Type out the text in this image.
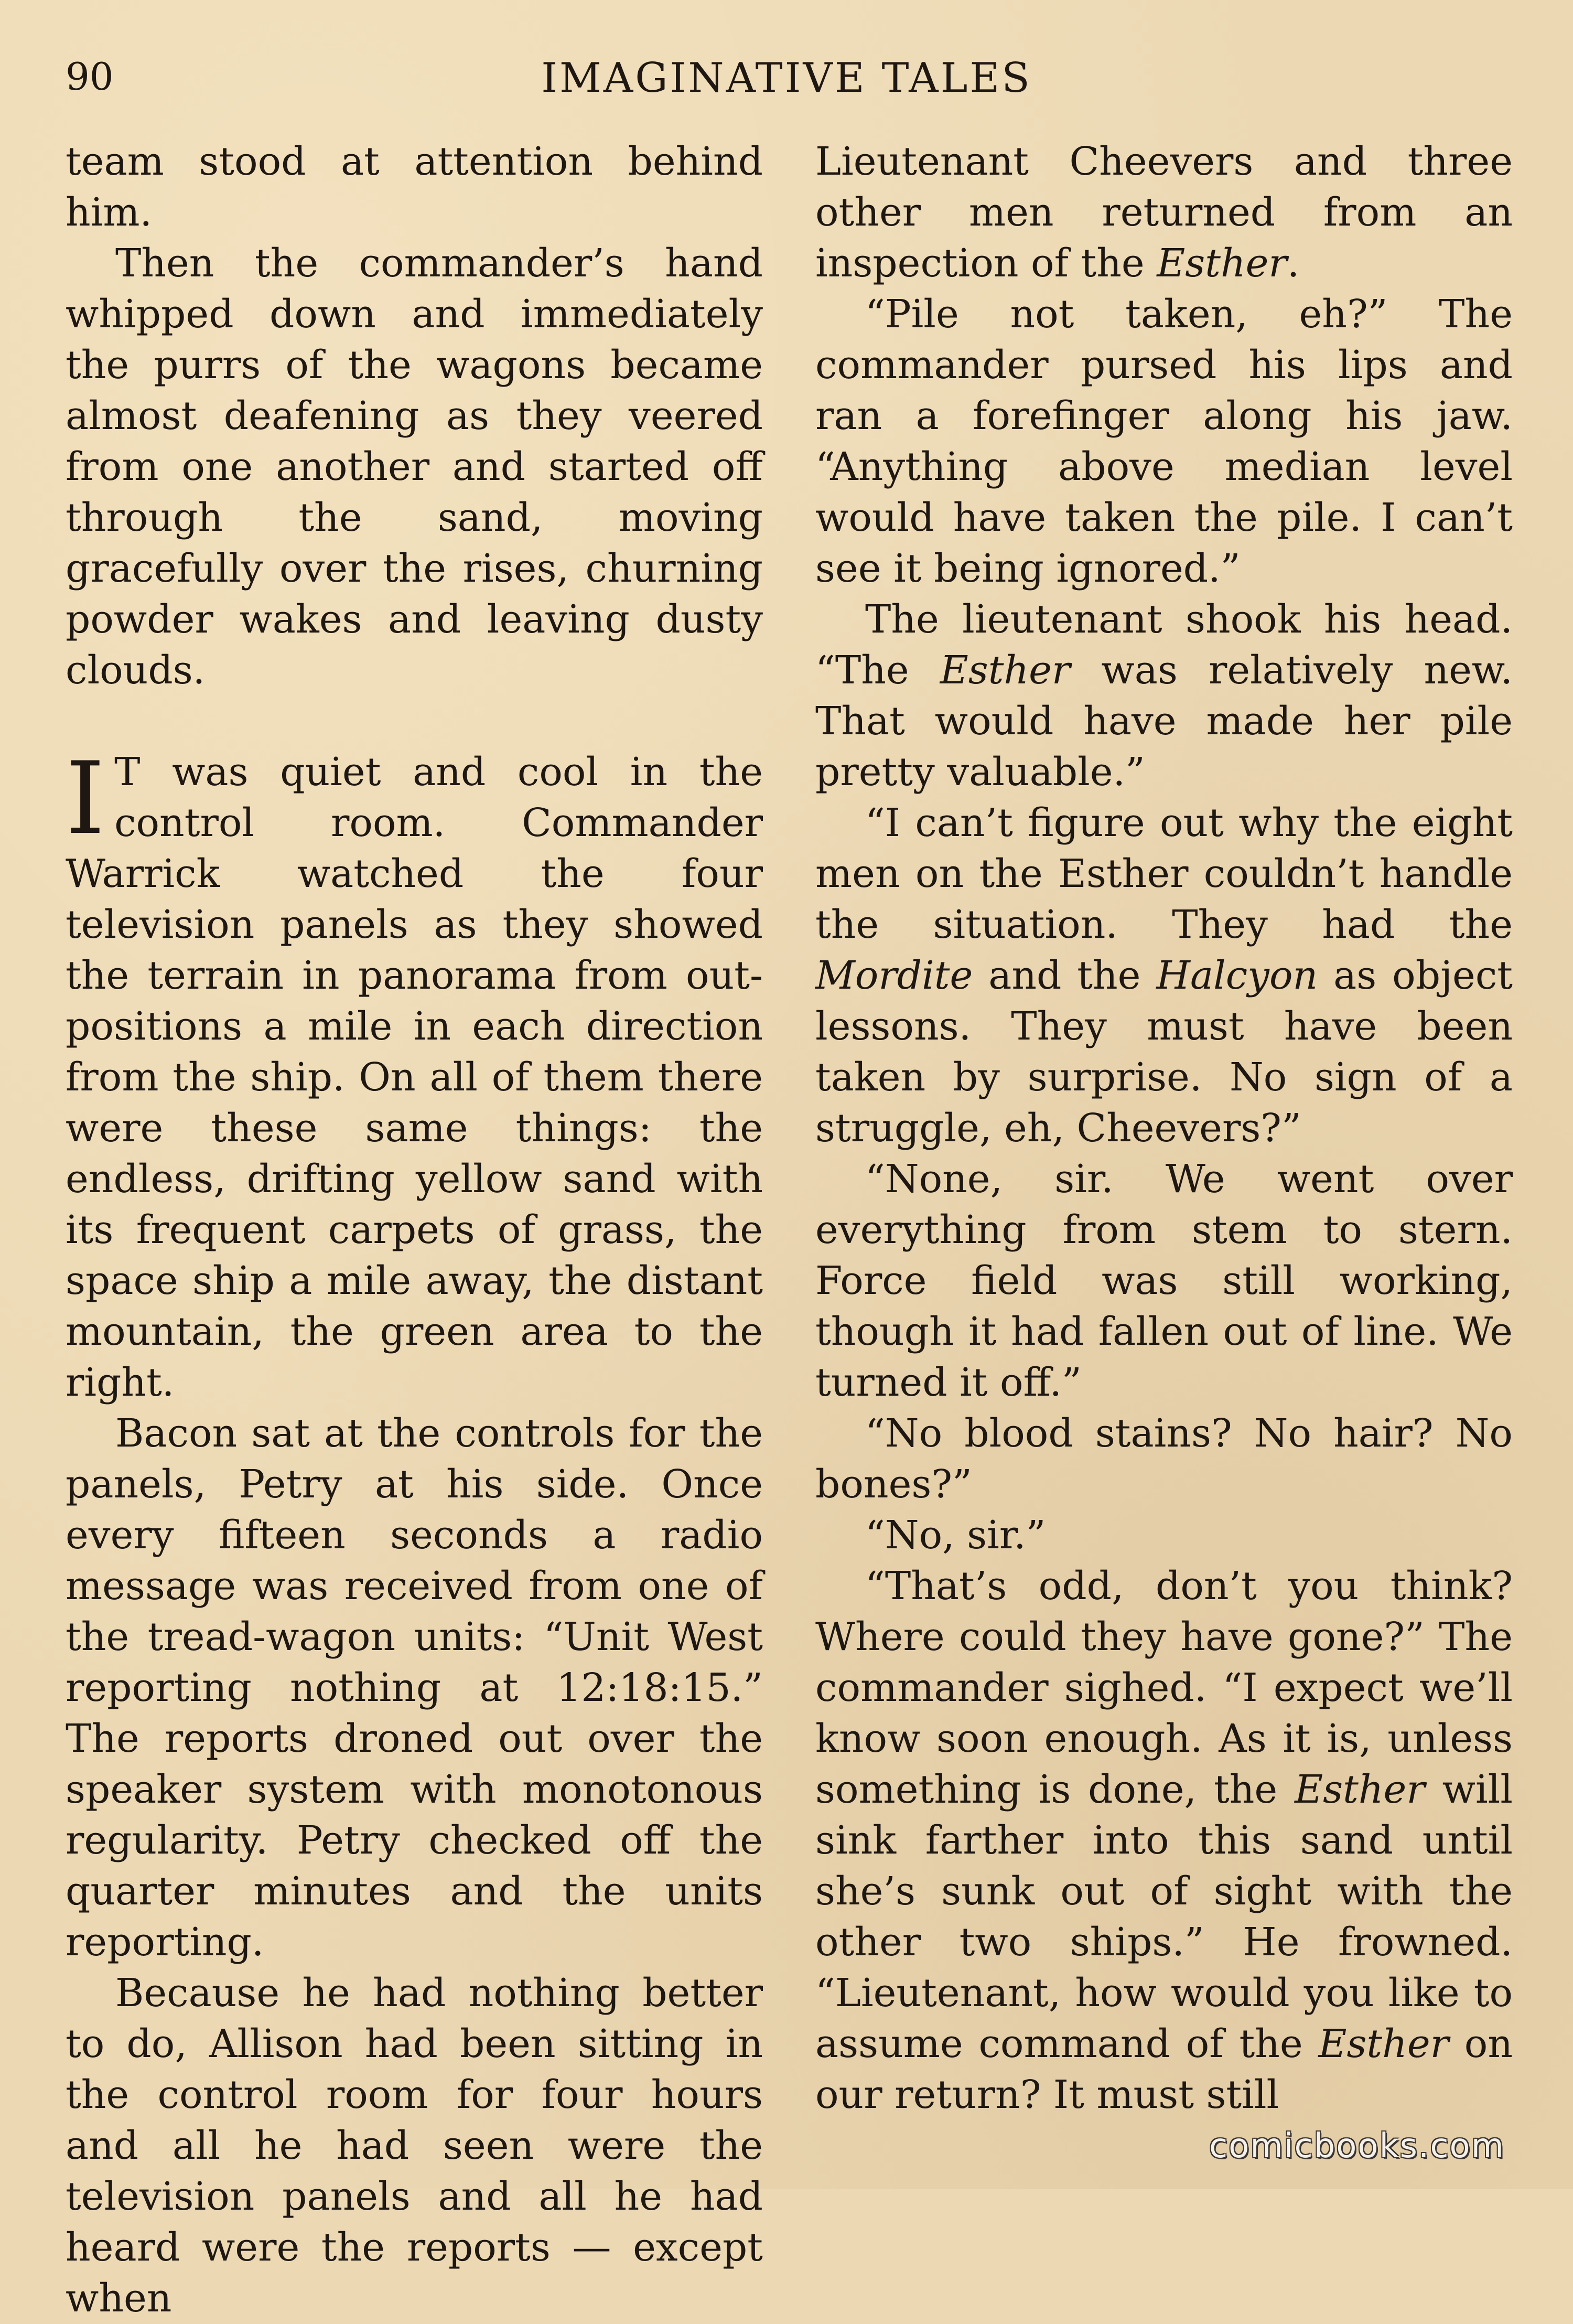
90	IMAGINATIVE TALES

team stood at attention behind him.

Then the commander’s hand whipped down and immediately the purrs of the wagons became almost deafening as they veered from one another and started off through the sand, moving gracefully over the rises, churning powder wakes and leaving dusty clouds.

I T was quiet and cool in the control room. Commander Warrick watched the four television panels as they showed the terrain in panorama from out-positions a mile in each direction from the ship. On all of them there were these same things: the endless, drifting yellow sand with its frequent carpets of grass, the space ship a mile away, the distant mountain, the green area to the right.

Bacon sat at the controls for the panels, Petry at his side. Once every fifteen seconds a radio message was received from one of the tread-wagon units: “Unit West reporting nothing at 12:18:15.” The reports droned out over the speaker system with monotonous regularity. Petry checked off the quarter minutes and the units reporting.

Because he had nothing better to do, Allison had been sitting in the control room for four hours and all he had seen were the television panels and all he had heard were the reports — except when

Lieutenant Cheevers and three other men returned from an inspection of the Esther.

“Pile not taken, eh?” The commander pursed his lips and ran a forefinger along his jaw. “Anything above median level would have taken the pile. I can’t see it being ignored.”

The lieutenant shook his head. “The Esther was relatively new. That would have made her pile pretty valuable.”

“I can’t figure out why the eight men on the Esther couldn’t handle the situation. They had the Mordite and the Halcyon as object lessons. They must have been taken by surprise. No sign of a struggle, eh, Cheevers?”

“None, sir. We went over everything from stem to stern. Force field was still working, though it had fallen out of line. We turned it off.”

“No blood stains? No hair? No bones?”

“No, sir.”

“That’s odd, don’t you think? Where could they have gone?” The commander sighed. “I expect we’ll know soon enough. As it is, unless something is done, the Esther will sink farther into this sand until she’s sunk out of sight with the other two ships.” He frowned. “Lieutenant, how would you like to assume command of the Esther on our return? It must still

comicbooks.com
